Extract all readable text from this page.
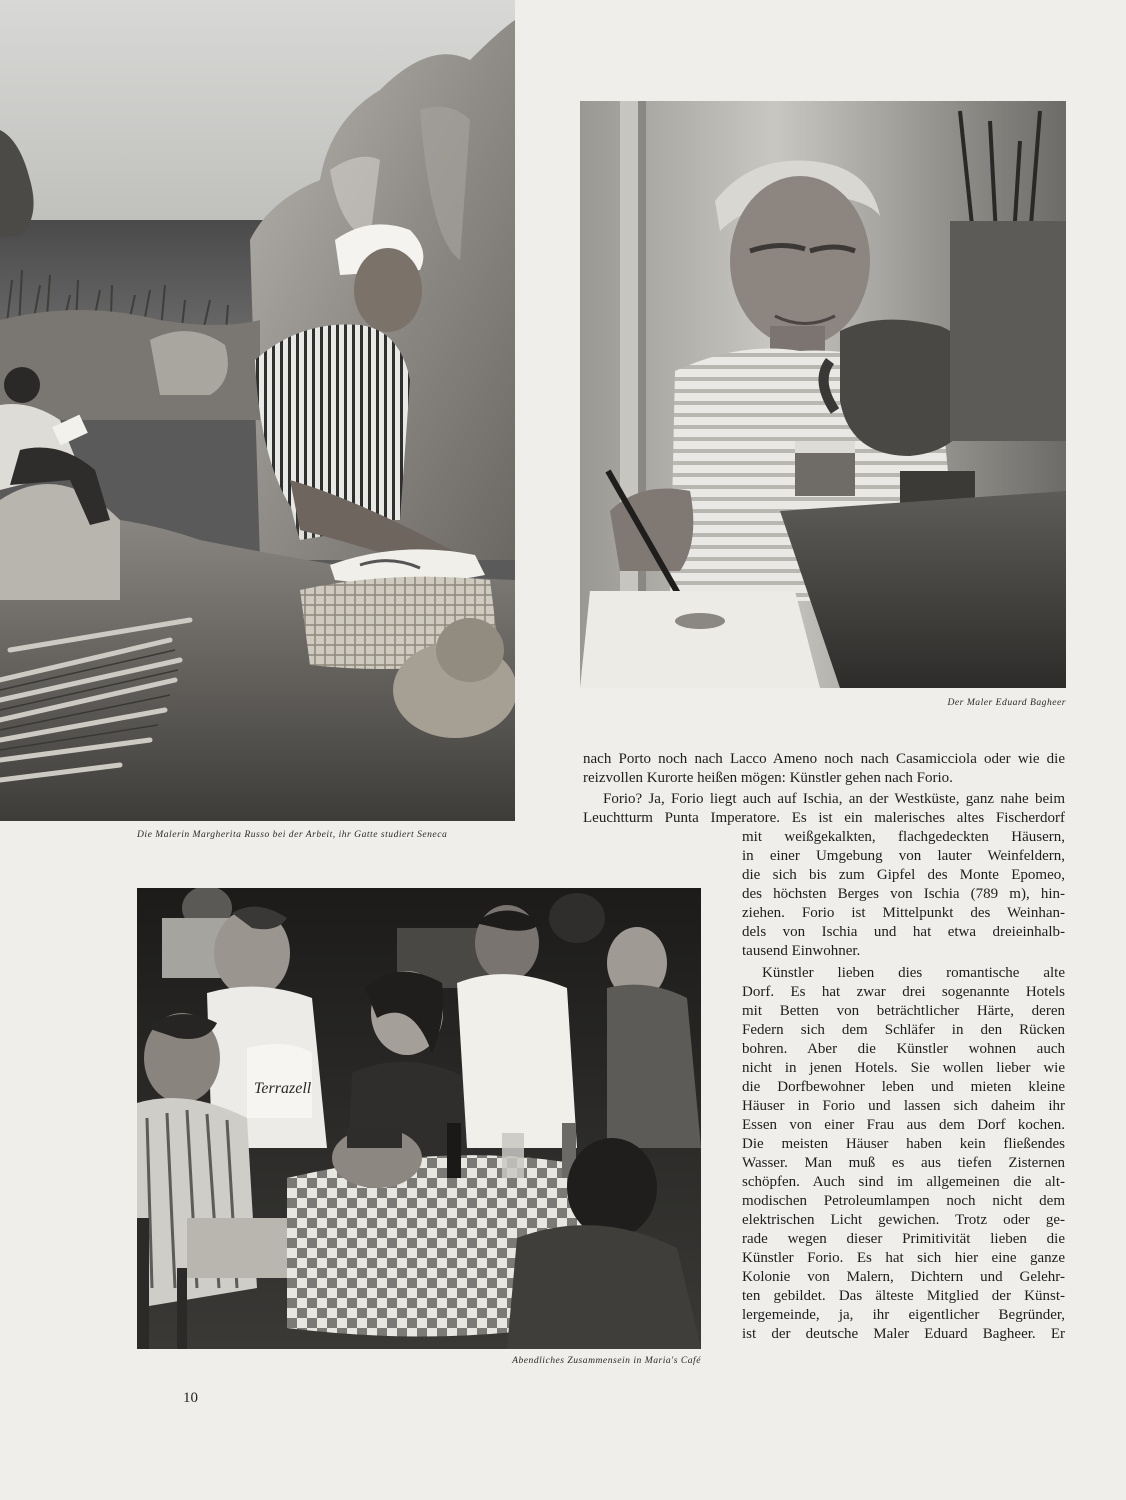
Die Malerin Margherita Russo bei der Arbeit, ihr Gatte studiert Seneca
Der Maler Eduard Bagheer
Terrazell
Abendliches Zusammensein in Maria's Café
nach Porto noch nach Lacco Ameno noch nach Casamicciola oder wie die
reizvollen Kurorte heißen mögen: Künstler gehen nach Forio.
Forio? Ja, Forio liegt auch auf Ischia, an der Westküste, ganz nahe beim
Leuchtturm Punta Imperatore. Es ist ein malerisches altes Fischerdorf
mit weißgekalkten, flachgedeckten Häusern,
in einer Umgebung von lauter Weinfeldern,
die sich bis zum Gipfel des Monte Epomeo,
des höchsten Berges von Ischia (789 m), hin-
ziehen. Forio ist Mittelpunkt des Weinhan-
dels von Ischia und hat etwa dreieinhalb-
tausend Einwohner.
Künstler lieben dies romantische alte
Dorf. Es hat zwar drei sogenannte Hotels
mit Betten von beträchtlicher Härte, deren
Federn sich dem Schläfer in den Rücken
bohren. Aber die Künstler wohnen auch
nicht in jenen Hotels. Sie wollen lieber wie
die Dorfbewohner leben und mieten kleine
Häuser in Forio und lassen sich daheim ihr
Essen von einer Frau aus dem Dorf kochen.
Die meisten Häuser haben kein fließendes
Wasser. Man muß es aus tiefen Zisternen
schöpfen. Auch sind im allgemeinen die alt-
modischen Petroleumlampen noch nicht dem
elektrischen Licht gewichen. Trotz oder ge-
rade wegen dieser Primitivität lieben die
Künstler Forio. Es hat sich hier eine ganze
Kolonie von Malern, Dichtern und Gelehr-
ten gebildet. Das älteste Mitglied der Künst-
lergemeinde, ja, ihr eigentlicher Begründer,
ist der deutsche Maler Eduard Bagheer. Er
10
